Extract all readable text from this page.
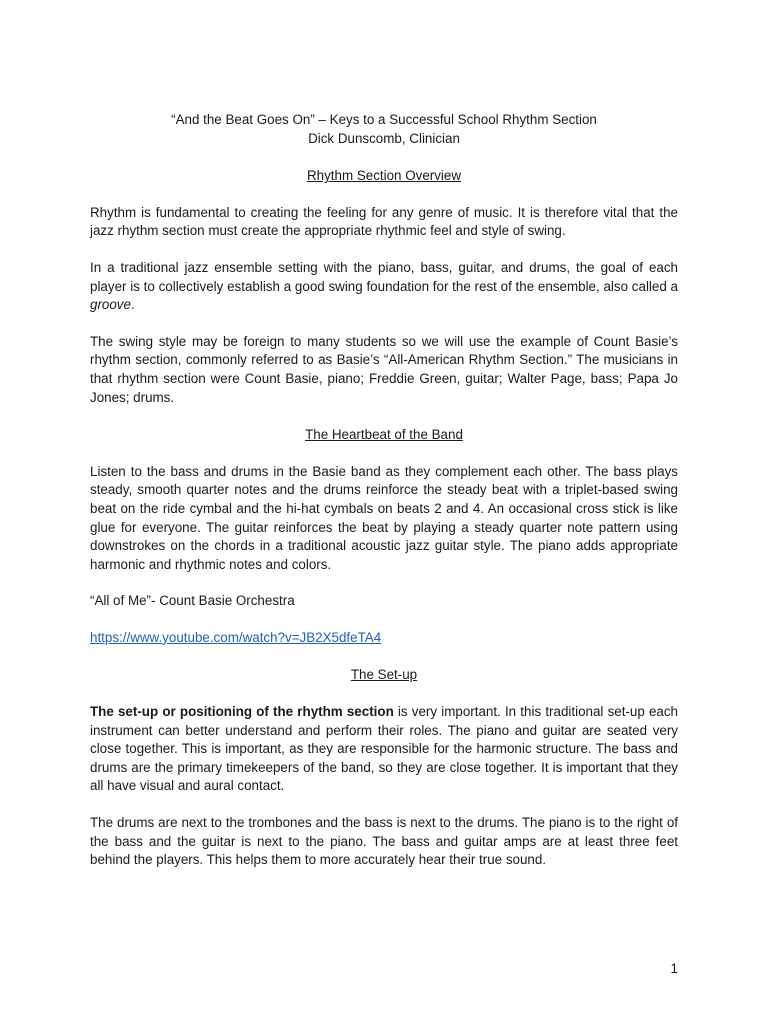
“And the Beat Goes On” – Keys to a Successful School Rhythm Section
Dick Dunscomb, Clinician
Rhythm Section Overview

Rhythm is fundamental to creating the feeling for any genre of music. It is therefore vital that the jazz rhythm section must create the appropriate rhythmic feel and style of swing.

In a traditional jazz ensemble setting with the piano, bass, guitar, and drums, the goal of each player is to collectively establish a good swing foundation for the rest of the ensemble, also called a groove.

The swing style may be foreign to many students so we will use the example of Count Basie’s rhythm section, commonly referred to as Basie’s “All-American Rhythm Section.” The musicians in that rhythm section were Count Basie, piano; Freddie Green, guitar; Walter Page, bass; Papa Jo Jones; drums.

The Heartbeat of the Band

Listen to the bass and drums in the Basie band as they complement each other. The bass plays steady, smooth quarter notes and the drums reinforce the steady beat with a triplet-based swing beat on the ride cymbal and the hi-hat cymbals on beats 2 and 4. An occasional cross stick is like glue for everyone. The guitar reinforces the beat by playing a steady quarter note pattern using downstrokes on the chords in a traditional acoustic jazz guitar style. The piano adds appropriate harmonic and rhythmic notes and colors.

“All of Me”- Count Basie Orchestra

https://www.youtube.com/watch?v=JB2X5dfeTA4

The Set-up

The set-up or positioning of the rhythm section is very important. In this traditional set-up each instrument can better understand and perform their roles. The piano and guitar are seated very close together. This is important, as they are responsible for the harmonic structure. The bass and drums are the primary timekeepers of the band, so they are close together. It is important that they all have visual and aural contact.

The drums are next to the trombones and the bass is next to the drums. The piano is to the right of the bass and the guitar is next to the piano. The bass and guitar amps are at least three feet behind the players. This helps them to more accurately hear their true sound.

1
